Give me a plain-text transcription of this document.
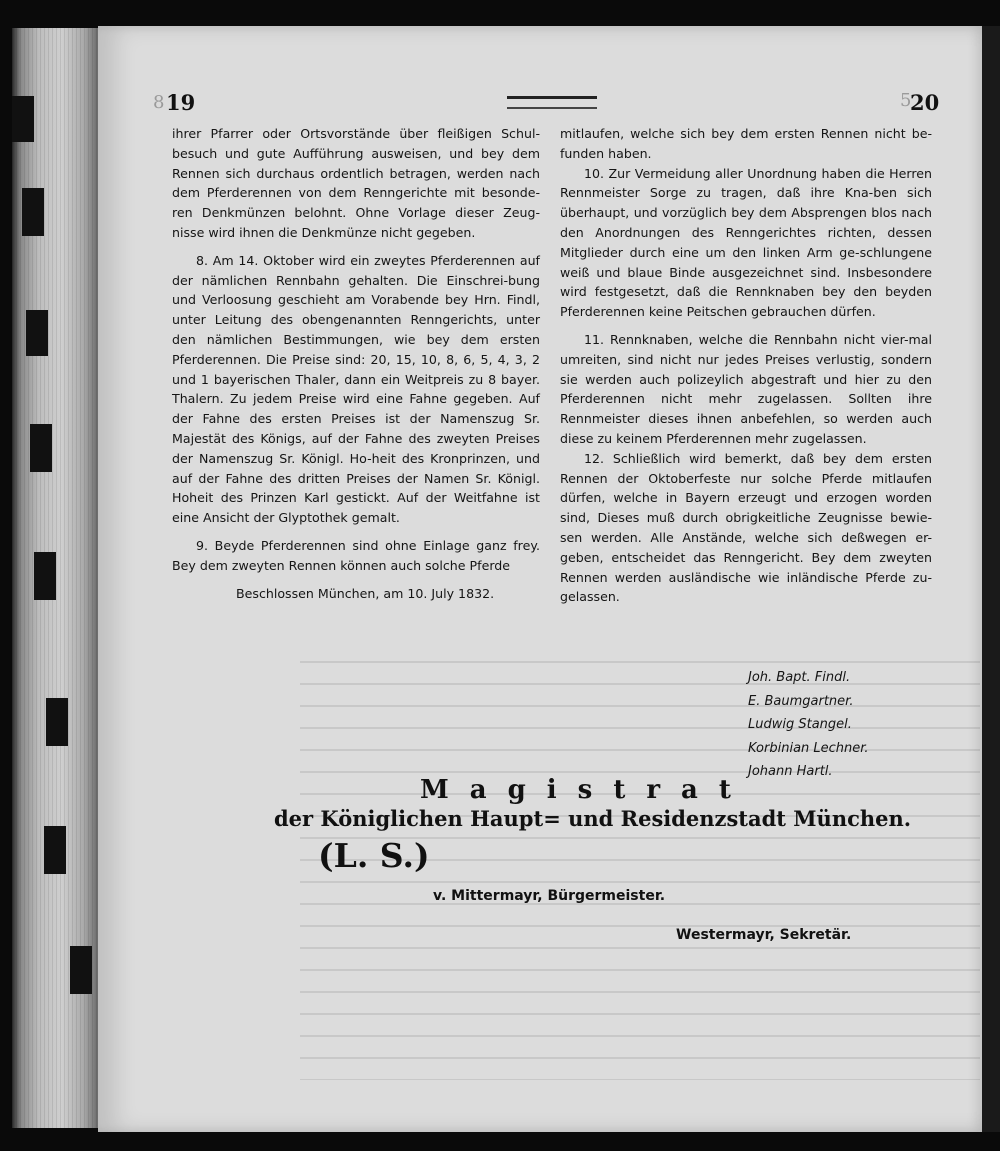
8 19	5
20

ihrer Pfarrer oder Ortsvorstände über fleißigen Schul-besuch und gute Aufführung ausweisen, und bey dem Rennen sich durchaus ordentlich betragen, werden nach dem Pferderennen von dem Renngerichte mit besonde-ren Denkmünzen belohnt. Ohne Vorlage dieser Zeug-nisse wird ihnen die Denkmünze nicht gegeben.

8. Am 14. Oktober wird ein zweytes Pferderennen auf der nämlichen Rennbahn gehalten. Die Einschrei-bung und Verloosung geschieht am Vorabende bey Hrn. Findl, unter Leitung des obengenannten Renngerichts, unter den nämlichen Bestimmungen, wie bey dem ersten Pferderennen. Die Preise sind: 20, 15, 10, 8, 6, 5, 4, 3, 2 und 1 bayerischen Thaler, dann ein Weitpreis zu 8 bayer. Thalern. Zu jedem Preise wird eine Fahne gegeben. Auf der Fahne des ersten Preises ist der Namenszug Sr. Majestät des Königs, auf der Fahne des zweyten Preises der Namenszug Sr. Königl. Ho-heit des Kronprinzen, und auf der Fahne des dritten Preises der Namen Sr. Königl. Hoheit des Prinzen Karl gestickt. Auf der Weitfahne ist eine Ansicht der Glyptothek gemalt.

9. Beyde Pferderennen sind ohne Einlage ganz frey. Bey dem zweyten Rennen können auch solche Pferde

Beschlossen München, am 10. July 1832.

mitlaufen, welche sich bey dem ersten Rennen nicht be-funden haben.

10. Zur Vermeidung aller Unordnung haben die Herren Rennmeister Sorge zu tragen, daß ihre Kna-ben sich überhaupt, und vorzüglich bey dem Absprengen blos nach den Anordnungen des Renngerichtes richten, dessen Mitglieder durch eine um den linken Arm ge-schlungene weiß und blaue Binde ausgezeichnet sind. Insbesondere wird festgesetzt, daß die Rennknaben bey den beyden Pferderennen keine Peitschen gebrauchen dürfen.

11. Rennknaben, welche die Rennbahn nicht vier-mal umreiten, sind nicht nur jedes Preises verlustig, sondern sie werden auch polizeylich abgestraft und hier zu den Pferderennen nicht mehr zugelassen. Sollten ihre Rennmeister dieses ihnen anbefehlen, so werden auch diese zu keinem Pferderennen mehr zugelassen.

12. Schließlich wird bemerkt, daß bey dem ersten Rennen der Oktoberfeste nur solche Pferde mitlaufen dürfen, welche in Bayern erzeugt und erzogen worden sind, Dieses muß durch obrigkeitliche Zeugnisse bewie-sen werden. Alle Anstände, welche sich deßwegen er-geben, entscheidet das Renngericht. Bey dem zweyten Rennen werden ausländische wie inländische Pferde zu-gelassen.

Joh. Bapt. Findl.
E. Baumgartner.
Ludwig Stangel.
Korbinian Lechner.
Johann Hartl.
Magistrat
der Königlichen Haupt= und Residenzstadt München.
(L. S.)
v. Mittermayr, Bürgermeister.
Westermayr, Sekretär.
